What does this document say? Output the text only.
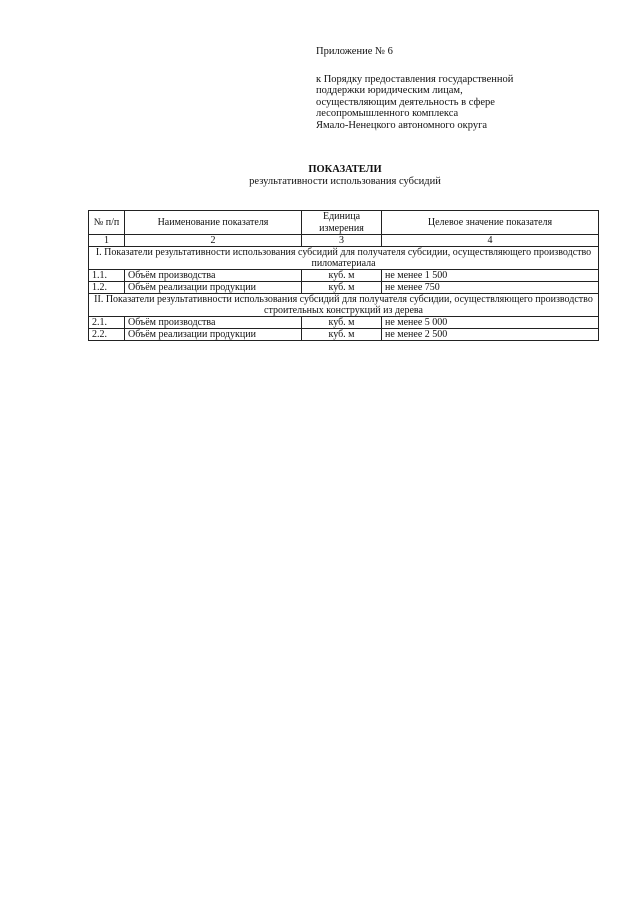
Приложение № 6
к Порядку предоставления государственной
поддержки юридическим лицам,
осуществляющим деятельность в сфере
лесопромышленного комплекса
Ямало-Ненецкого автономного округа
ПОКАЗАТЕЛИ
результативности использования субсидий
№ п/п	Наименование показателя	Единица измерения	Целевое значение показателя
1	2	3	4
I. Показатели результативности использования субсидий для получателя субсидии, осуществляющего производство пиломатериала			
1.1.	Объём производства	куб. м	не менее 1 500
1.2.	Объём реализации продукции	куб. м	не менее 750
II. Показатели результативности использования субсидий для получателя субсидии, осуществляющего производство строительных конструкций из дерева			
2.1.	Объём производства	куб. м	не менее 5 000
2.2.	Объём реализации продукции	куб. м	не менее 2 500
